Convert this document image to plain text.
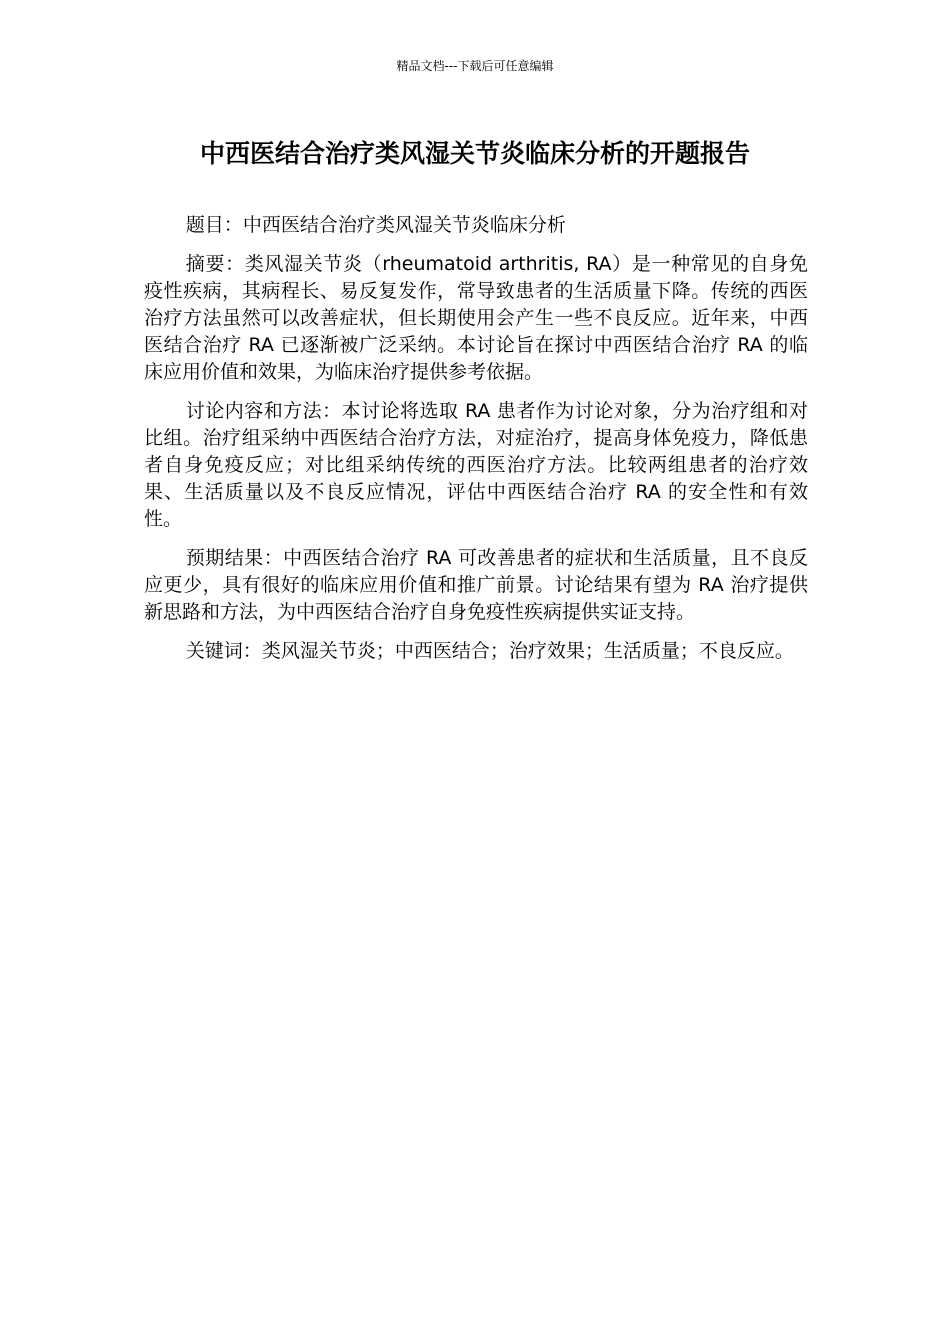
精品文档---下载后可任意编辑
中西医结合治疗类风湿关节炎临床分析的开题报告

题目：中西医结合治疗类风湿关节炎临床分析

摘要：类风湿关节炎（rheumatoid arthritis, RA）是一种常见的自身免疫性疾病，其病程长、易反复发作，常导致患者的生活质量下降。传统的西医治疗方法虽然可以改善症状，但长期使用会产生一些不良反应。近年来，中西医结合治疗 RA 已逐渐被广泛采纳。本讨论旨在探讨中西医结合治疗 RA 的临床应用价值和效果，为临床治疗提供参考依据。

讨论内容和方法：本讨论将选取 RA 患者作为讨论对象，分为治疗组和对比组。治疗组采纳中西医结合治疗方法，对症治疗，提高身体免疫力，降低患者自身免疫反应；对比组采纳传统的西医治疗方法。比较两组患者的治疗效果、生活质量以及不良反应情况，评估中西医结合治疗 RA 的安全性和有效性。

预期结果：中西医结合治疗 RA 可改善患者的症状和生活质量，且不良反应更少，具有很好的临床应用价值和推广前景。讨论结果有望为 RA 治疗提供新思路和方法，为中西医结合治疗自身免疫性疾病提供实证支持。

关键词：类风湿关节炎；中西医结合；治疗效果；生活质量；不良反应。
